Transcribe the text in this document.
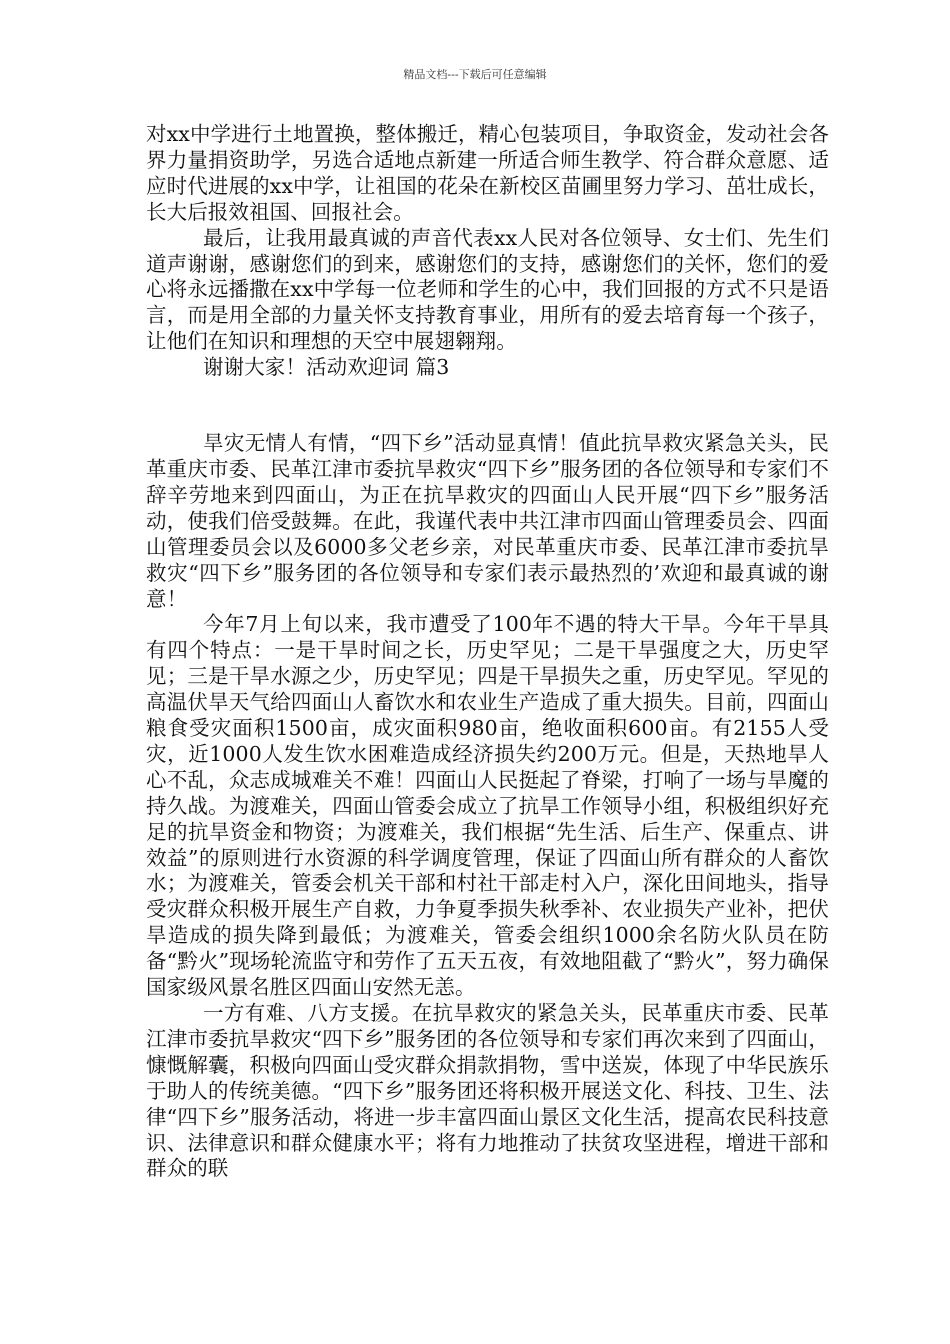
精品文档---下载后可任意编辑

对xx中学进行土地置换，整体搬迁，精心包装项目，争取资金，发动社会各界力量捐资助学，另选合适地点新建一所适合师生教学、符合群众意愿、适应时代进展的xx中学，让祖国的花朵在新校区苗圃里努力学习、茁壮成长，长大后报效祖国、回报社会。

最后，让我用最真诚的声音代表xx人民对各位领导、女士们、先生们道声谢谢，感谢您们的到来，感谢您们的支持，感谢您们的关怀，您们的爱心将永远播撒在xx中学每一位老师和学生的心中，我们回报的方式不只是语言，而是用全部的力量关怀支持教育事业，用所有的爱去培育每一个孩子，让他们在知识和理想的天空中展翅翱翔。

谢谢大家！活动欢迎词 篇3

旱灾无情人有情，“四下乡”活动显真情！值此抗旱救灾紧急关头，民革重庆市委、民革江津市委抗旱救灾“四下乡”服务团的各位领导和专家们不辞辛劳地来到四面山，为正在抗旱救灾的四面山人民开展“四下乡”服务活动，使我们倍受鼓舞。在此，我谨代表中共江津市四面山管理委员会、四面山管理委员会以及6000多父老乡亲，对民革重庆市委、民革江津市委抗旱救灾“四下乡”服务团的各位领导和专家们表示最热烈的’欢迎和最真诚的谢意！

今年7月上旬以来，我市遭受了100年不遇的特大干旱。今年干旱具有四个特点：一是干旱时间之长，历史罕见；二是干旱强度之大，历史罕见；三是干旱水源之少，历史罕见；四是干旱损失之重，历史罕见。罕见的高温伏旱天气给四面山人畜饮水和农业生产造成了重大损失。目前，四面山粮食受灾面积1500亩，成灾面积980亩，绝收面积600亩。有2155人受灾，近1000人发生饮水困难造成经济损失约200万元。但是，天热地旱人心不乱，众志成城难关不难！四面山人民挺起了脊梁，打响了一场与旱魔的持久战。为渡难关，四面山管委会成立了抗旱工作领导小组，积极组织好充足的抗旱资金和物资；为渡难关，我们根据“先生活、后生产、保重点、讲效益”的原则进行水资源的科学调度管理，保证了四面山所有群众的人畜饮水；为渡难关，管委会机关干部和村社干部走村入户，深化田间地头，指导受灾群众积极开展生产自救，力争夏季损失秋季补、农业损失产业补，把伏旱造成的损失降到最低；为渡难关，管委会组织1000余名防火队员在防备“黔火”现场轮流监守和劳作了五天五夜，有效地阻截了“黔火”，努力确保国家级风景名胜区四面山安然无恙。

一方有难、八方支援。在抗旱救灾的紧急关头，民革重庆市委、民革江津市委抗旱救灾“四下乡”服务团的各位领导和专家们再次来到了四面山，慷慨解囊，积极向四面山受灾群众捐款捐物，雪中送炭，体现了中华民族乐于助人的传统美德。“四下乡”服务团还将积极开展送文化、科技、卫生、法律“四下乡”服务活动，将进一步丰富四面山景区文化生活，提高农民科技意识、法律意识和群众健康水平；将有力地推动了扶贫攻坚进程，增进干部和群众的联
